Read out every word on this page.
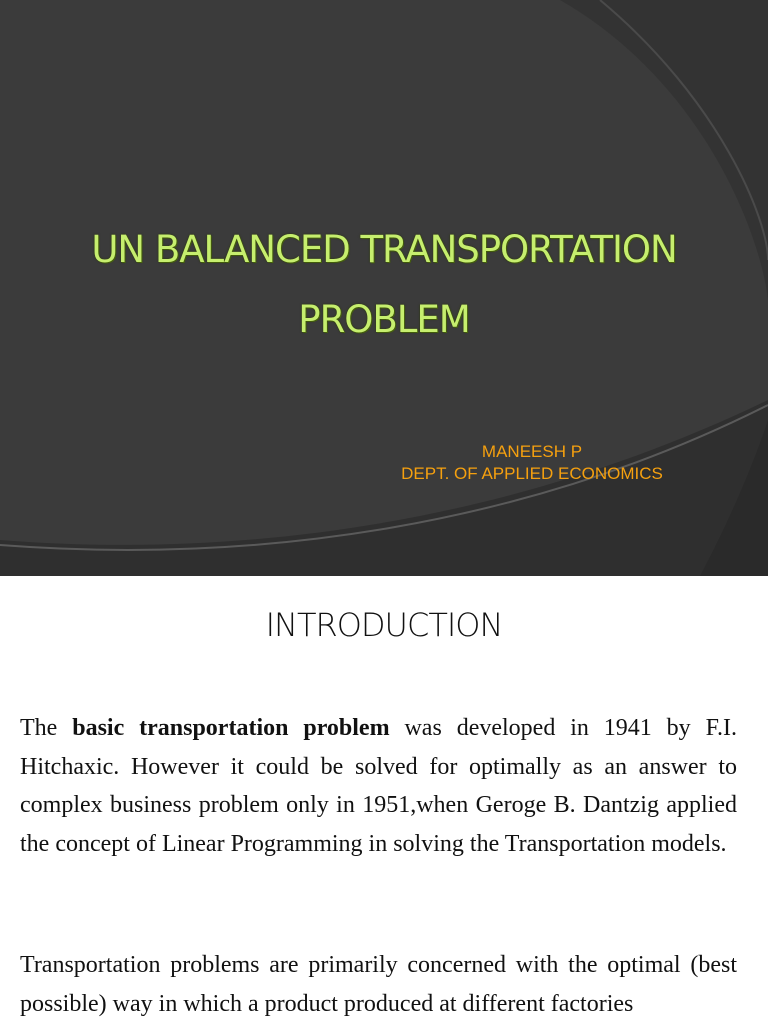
UN BALANCED TRANSPORTATION
PROBLEM
MANEESH P
DEPT. OF APPLIED ECONOMICS
INTRODUCTION

The basic transportation problem was developed in 1941 by F.I. Hitchaxic. However it could be solved for optimally as an answer to complex business problem only in 1951,when Geroge B. Dantzig applied the concept of Linear Programming in solving the Transportation models.

Transportation problems are primarily concerned with the optimal (best possible) way in which a product produced at different factories
